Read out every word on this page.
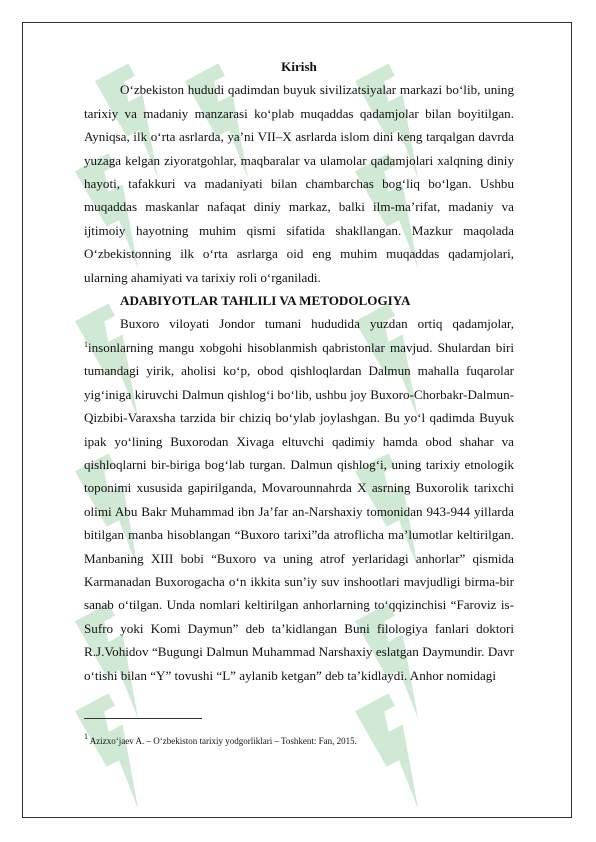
Kirish

O‘zbekiston hududi qadimdan buyuk sivilizatsiyalar markazi bo‘lib, uning tarixiy va madaniy manzarasi ko‘plab muqaddas qadamjolar bilan boyitilgan. Ayniqsa, ilk o‘rta asrlarda, ya’ni VII–X asrlarda islom dini keng tarqalgan davrda yuzaga kelgan ziyoratgohlar, maqbaralar va ulamolar qadamjolari xalqning diniy hayoti, tafakkuri va madaniyati bilan chambarchas bog‘liq bo‘lgan. Ushbu muqaddas maskanlar nafaqat diniy markaz, balki ilm-ma’rifat, madaniy va ijtimoiy hayotning muhim qismi sifatida shakllangan. Mazkur maqolada O‘zbekistonning ilk o‘rta asrlarga oid eng muhim muqaddas qadamjolari, ularning ahamiyati va tarixiy roli o‘rganiladi.

ADABIYOTLAR TAHLILI VA METODOLOGIYA

Buxoro viloyati Jondor tumani hududida yuzdan ortiq qadamjolar, $^1$insonlarning mangu xobgohi hisoblanmish qabristonlar mavjud. Shulardan biri tumandagi yirik, aholisi ko‘p, obod qishloqlardan Dalmun mahalla fuqarolar yig‘iniga kiruvchi Dalmun qishlog‘i bo‘lib, ushbu joy Buxoro-Chorbakr-Dalmun-Qizbibi-Varaxsha tarzida bir chiziq bo‘ylab joylashgan. Bu yo‘l qadimda Buyuk ipak yo‘lining Buxorodan Xivaga eltuvchi qadimiy hamda obod shahar va qishloqlarni bir-biriga bog‘lab turgan. Dalmun qishlog‘i, uning tarixiy etnologik toponimi xususida gapirilganda, Movarounnahrda X asrning Buxorolik tarixchi olimi Abu Bakr Muhammad ibn Ja’far an-Narshaxiy tomonidan 943-944 yillarda bitilgan manba hisoblangan “Buxoro tarixi”da atroflicha ma’lumotlar keltirilgan. Manbaning XIII bobi “Buxoro va uning atrof yerlaridagi anhorlar” qismida Karmanadan Buxorogacha o‘n ikkita sun’iy suv inshootlari mavjudligi birma-bir sanab o‘tilgan. Unda nomlari keltirilgan anhorlarning to‘qqizinchisi “Faroviz is-Sufro yoki Komi Daymun” deb ta’kidlangan Buni filologiya fanlari doktori R.J.Vohidov “Bugungi Dalmun Muhammad Narshaxiy eslatgan Daymundir. Davr o‘tishi bilan “Y” tovushi “L” aylanib ketgan” deb ta’kidlaydi. Anhor nomidagi

$^1$ Azizxo‘jaev A. – O‘zbekiston tarixiy yodgorliklari – Toshkent: Fan, 2015.
